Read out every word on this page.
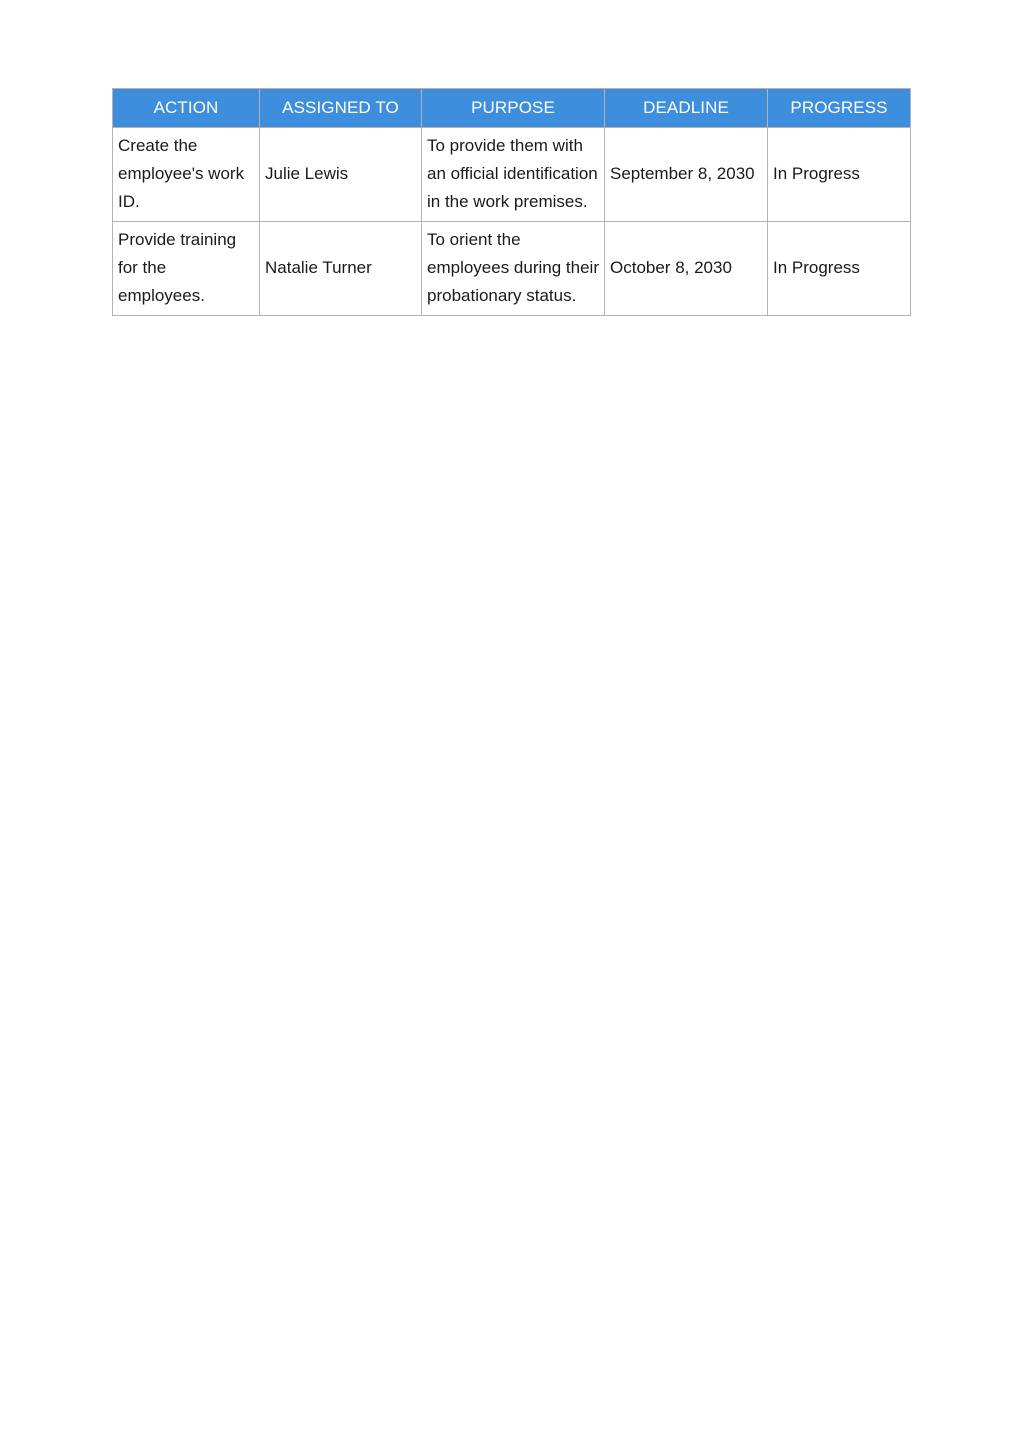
ACTION	ASSIGNED TO	PURPOSE	DEADLINE	PROGRESS
Create the employee's work ID.	Julie Lewis	To provide them with an official identification in the work premises.	September 8, 2030	In Progress
Provide training for the employees.	Natalie Turner	To orient the employees during their probationary status.	October 8, 2030	In Progress
